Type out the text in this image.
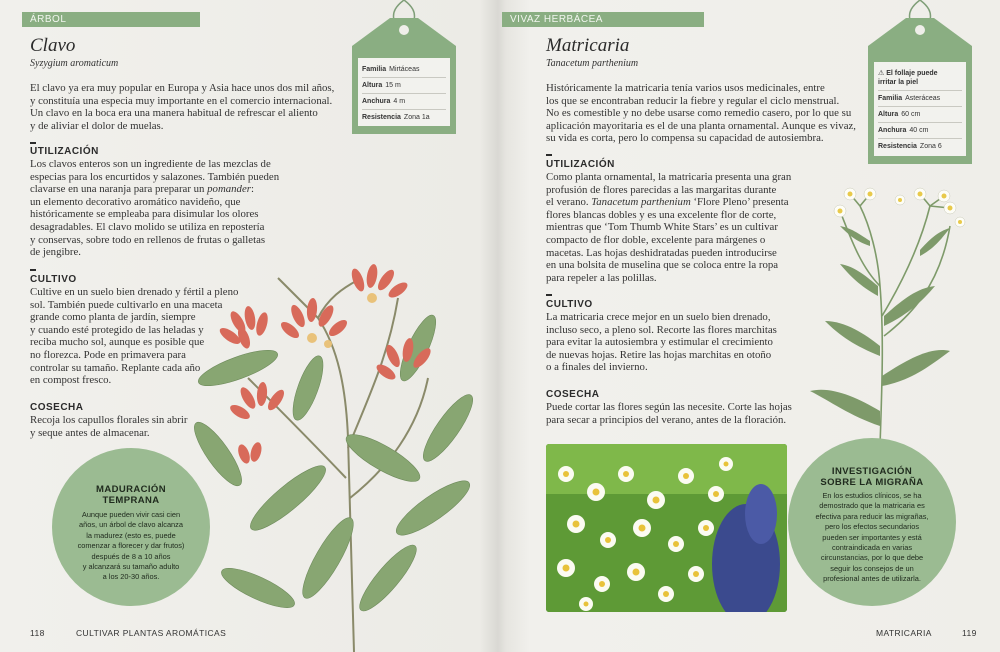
ÁRBOL
Clavo
Syzygium aromaticum
El clavo ya era muy popular en Europa y Asia hace unos dos mil años,
y constituía una especia muy importante en el comercio internacional.
Un clavo en la boca era una manera habitual de refrescar el aliento
y de aliviar el dolor de muelas.
UTILIZACIÓN
Los clavos enteros son un ingrediente de las mezclas de
especias para los encurtidos y salazones. También pueden
clavarse en una naranja para preparar un pomander:
un elemento decorativo aromático navideño, que
históricamente se empleaba para disimular los olores
desagradables. El clavo molido se utiliza en repostería
y conservas, sobre todo en rellenos de frutas o galletas
de jengibre.
CULTIVO
Cultive en un suelo bien drenado y fértil a pleno
sol. También puede cultivarlo en una maceta
grande como planta de jardín, siempre
y cuando esté protegido de las heladas y
reciba mucho sol, aunque es posible que
no florezca. Pode en primavera para
controlar su tamaño. Replante cada año
en compost fresco.
COSECHA
Recoja los capullos florales sin abrir
y seque antes de almacenar.
Familia Mirtáceas
Altura 15 m
Anchura 4 m
Resistencia Zona 1a
MADURACIÓN
TEMPRANA
Aunque pueden vivir casi cien
años, un árbol de clavo alcanza
la madurez (esto es, puede
comenzar a florecer y dar frutos)
después de 8 a 10 años
y alcanzará su tamaño adulto
a los 20-30 años.
118	CULTIVAR PLANTAS AROMÁTICAS
VIVAZ HERBÁCEA
Matricaria
Tanacetum parthenium
Históricamente la matricaria tenía varios usos medicinales, entre
los que se encontraban reducir la fiebre y regular el ciclo menstrual.
No es comestible y no debe usarse como remedio casero, por lo que su
aplicación mayoritaria es el de una planta ornamental. Aunque es vivaz,
su vida es corta, pero lo compensa su capacidad de autosiembra.
UTILIZACIÓN
Como planta ornamental, la matricaria presenta una gran
profusión de flores parecidas a las margaritas durante
el verano. Tanacetum parthenium ‘Flore Pleno’ presenta
flores blancas dobles y es una excelente flor de corte,
mientras que ‘Tom Thumb White Stars’ es un cultivar
compacto de flor doble, excelente para márgenes o
macetas. Las hojas deshidratadas pueden introducirse
en una bolsita de muselina que se coloca entre la ropa
para repeler a las polillas.
CULTIVO
La matricaria crece mejor en un suelo bien drenado,
incluso seco, a pleno sol. Recorte las flores marchitas
para evitar la autosiembra y estimular el crecimiento
de nuevas hojas. Retire las hojas marchitas en otoño
o a finales del invierno.
COSECHA
Puede cortar las flores según las necesite. Corte las hojas
para secar a principios del verano, antes de la floración.
⚠ El follaje puede
irritar la piel
Familia Asteráceas
Altura 60 cm
Anchura 40 cm
Resistencia Zona 6
INVESTIGACIÓN
SOBRE LA MIGRAÑA
En los estudios clínicos, se ha
demostrado que la matricaria es
efectiva para reducir las migrañas,
pero los efectos secundarios
pueden ser importantes y está
contraindicada en varias
circunstancias, por lo que debe
seguir los consejos de un
profesional antes de utilizarla.
MATRICARIA	119
